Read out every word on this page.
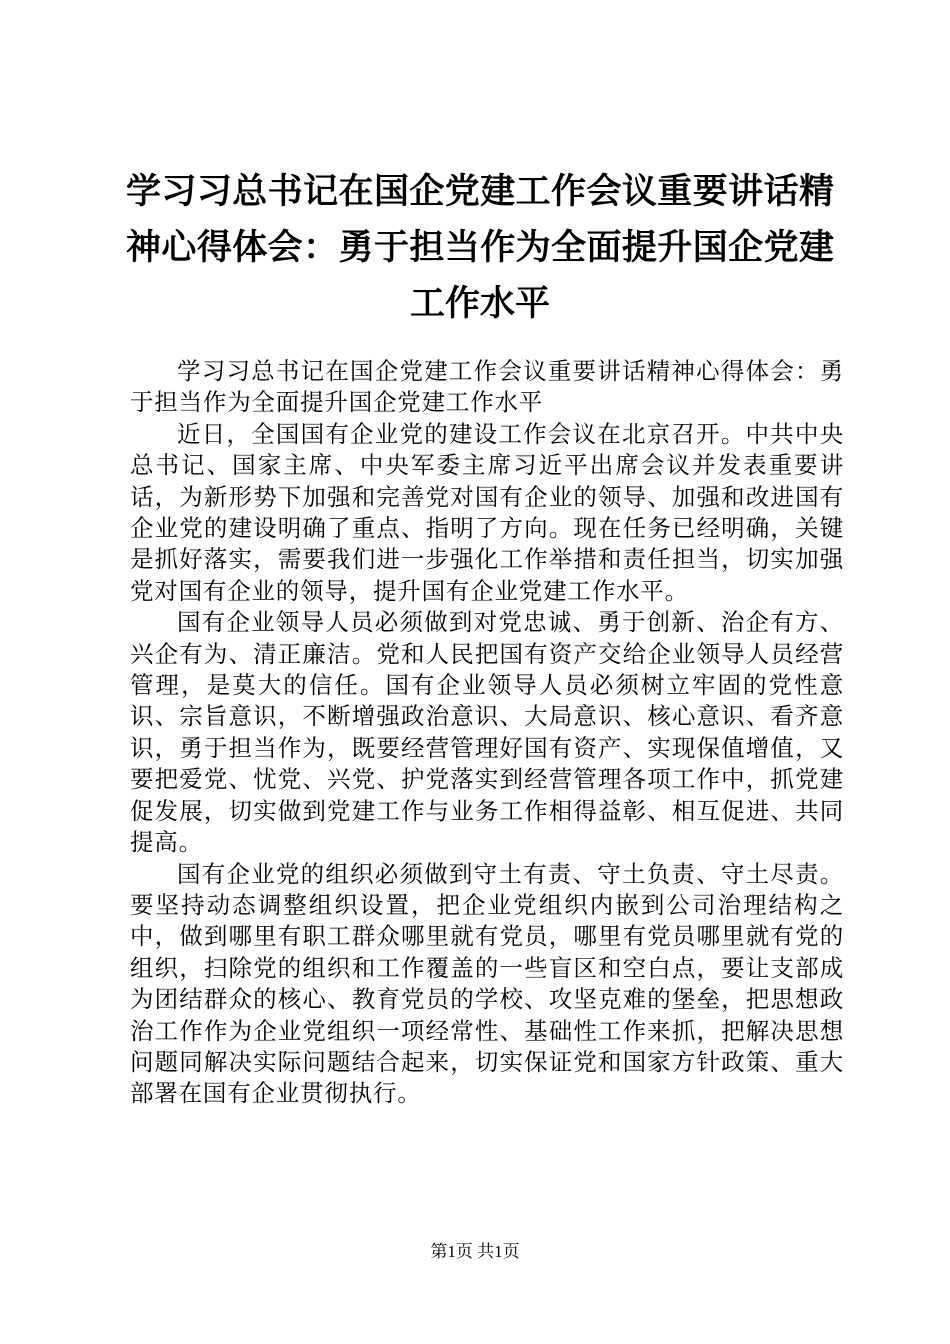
学习习总书记在国企党建工作会议重要讲话精神心得体会：勇于担当作为全面提升国企党建工作水平

学习习总书记在国企党建工作会议重要讲话精神心得体会：勇于担当作为全面提升国企党建工作水平

近日，全国国有企业党的建设工作会议在北京召开。中共中央总书记、国家主席、中央军委主席习近平出席会议并发表重要讲话，为新形势下加强和完善党对国有企业的领导、加强和改进国有企业党的建设明确了重点、指明了方向。现在任务已经明确，关键是抓好落实，需要我们进一步强化工作举措和责任担当，切实加强党对国有企业的领导，提升国有企业党建工作水平。

国有企业领导人员必须做到对党忠诚、勇于创新、治企有方、兴企有为、清正廉洁。党和人民把国有资产交给企业领导人员经营管理，是莫大的信任。国有企业领导人员必须树立牢固的党性意识、宗旨意识，不断增强政治意识、大局意识、核心意识、看齐意识，勇于担当作为，既要经营管理好国有资产、实现保值增值，又要把爱党、忧党、兴党、护党落实到经营管理各项工作中，抓党建促发展，切实做到党建工作与业务工作相得益彰、相互促进、共同提高。

国有企业党的组织必须做到守土有责、守土负责、守土尽责。要坚持动态调整组织设置，把企业党组织内嵌到公司治理结构之中，做到哪里有职工群众哪里就有党员，哪里有党员哪里就有党的组织，扫除党的组织和工作覆盖的一些盲区和空白点，要让支部成为团结群众的核心、教育党员的学校、攻坚克难的堡垒，把思想政治工作作为企业党组织一项经常性、基础性工作来抓，把解决思想问题同解决实际问题结合起来，切实保证党和国家方针政策、重大部署在国有企业贯彻执行。

第1页 共1页
